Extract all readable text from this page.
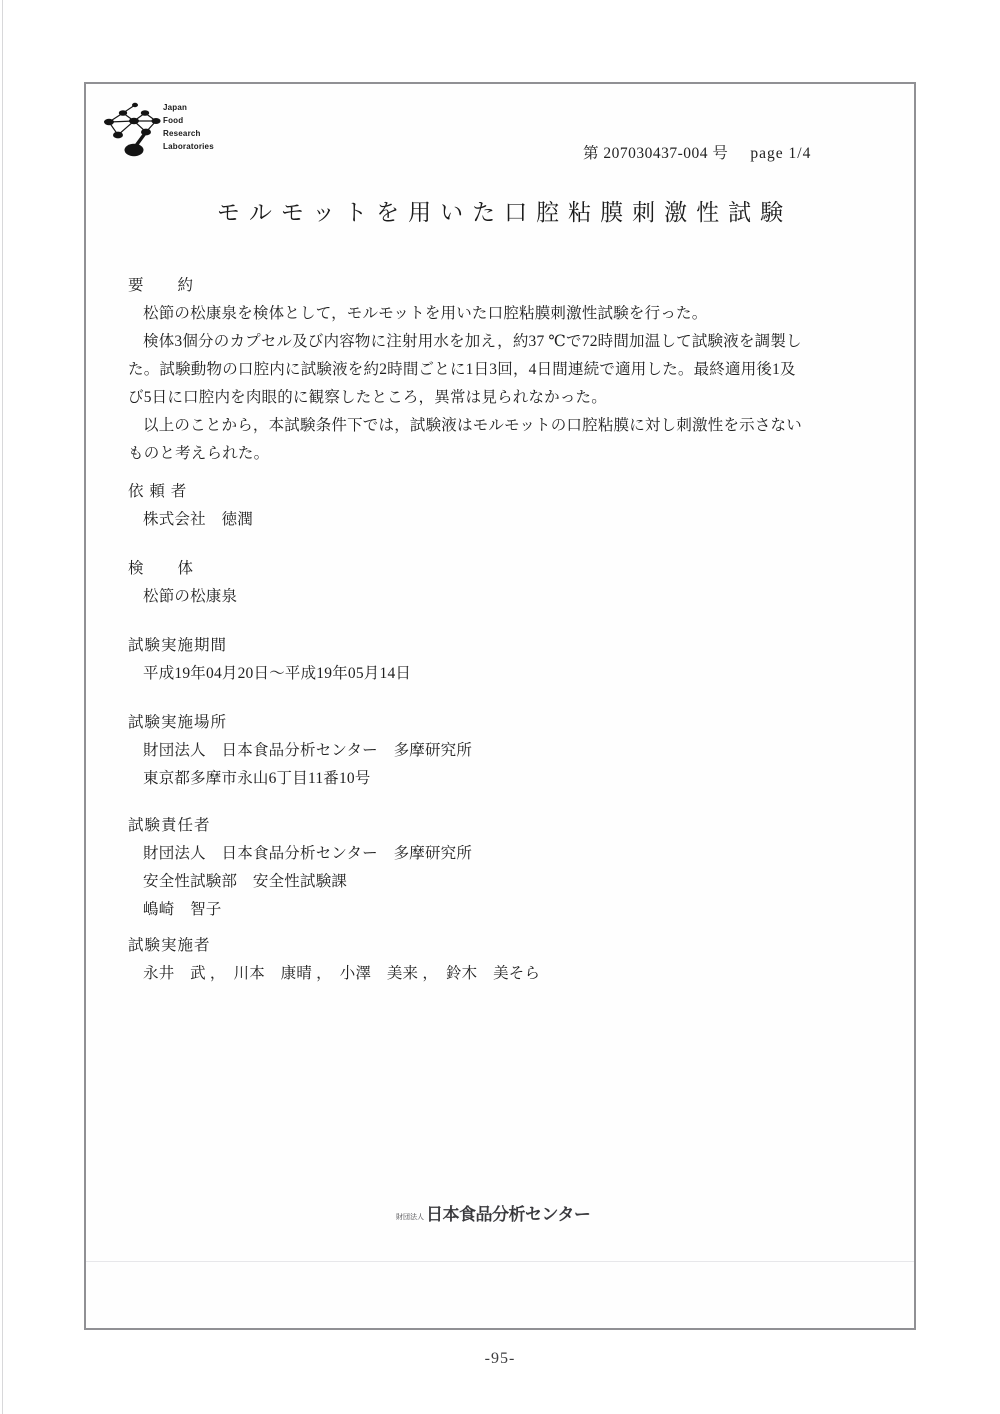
Japan
Food
Research
Laboratories	第 207030437-004 号 page 1/4
モルモットを用いた口腔粘膜刺激性試験
要　　約
松節の松康泉を検体として，モルモットを用いた口腔粘膜刺激性試験を行った。
検体3個分のカプセル及び内容物に注射用水を加え，約37 ℃で72時間加温して試験液を調製し
た。試験動物の口腔内に試験液を約2時間ごとに1日3回，4日間連続で適用した。最終適用後1及
び5日に口腔内を肉眼的に観察したところ，異常は見られなかった。
以上のことから，本試験条件下では，試験液はモルモットの口腔粘膜に対し刺激性を示さない
ものと考えられた。
依 頼 者
株式会社　徳潤
検　　体
松節の松康泉
試験実施期間
平成19年04月20日～平成19年05月14日
試験実施場所
財団法人　日本食品分析センター　多摩研究所
東京都多摩市永山6丁目11番10号
試験責任者
財団法人　日本食品分析センター　多摩研究所
安全性試験部　安全性試験課
嶋崎　智子
試験実施者
永井　武 ，　川本　康晴 ，　小澤　美来 ，　鈴木　美そら
財団法人 日本食品分析センター
-95-
